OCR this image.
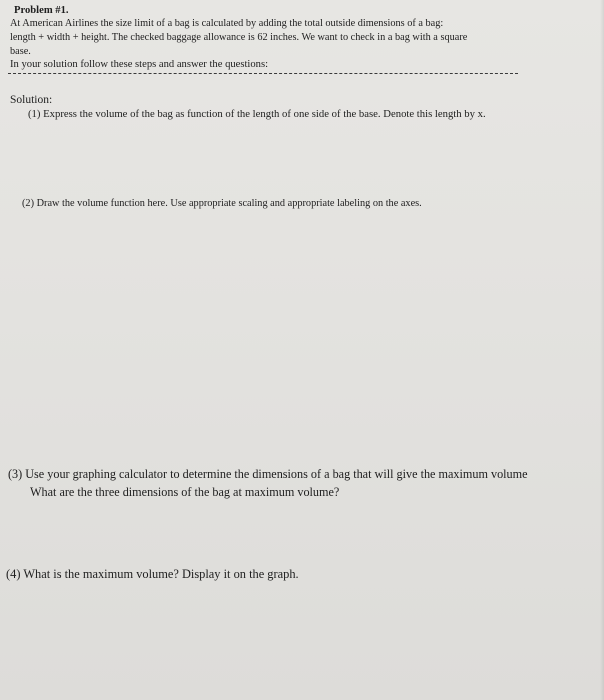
Problem #1.
At American Airlines the size limit of a bag is calculated by adding the total outside dimensions of a bag:
length + width + height. The checked baggage allowance is 62 inches. We want to check in a bag with a square
base.
In your solution follow these steps and answer the questions:
Solution:
(1) Express the volume of the bag as function of the length of one side of the base. Denote this length by x.
(2) Draw the volume function here. Use appropriate scaling and appropriate labeling on the axes.
(3) Use your graphing calculator to determine the dimensions of a bag that will give the maximum volume
What are the three dimensions of the bag at maximum volume?
(4) What is the maximum volume? Display it on the graph.
